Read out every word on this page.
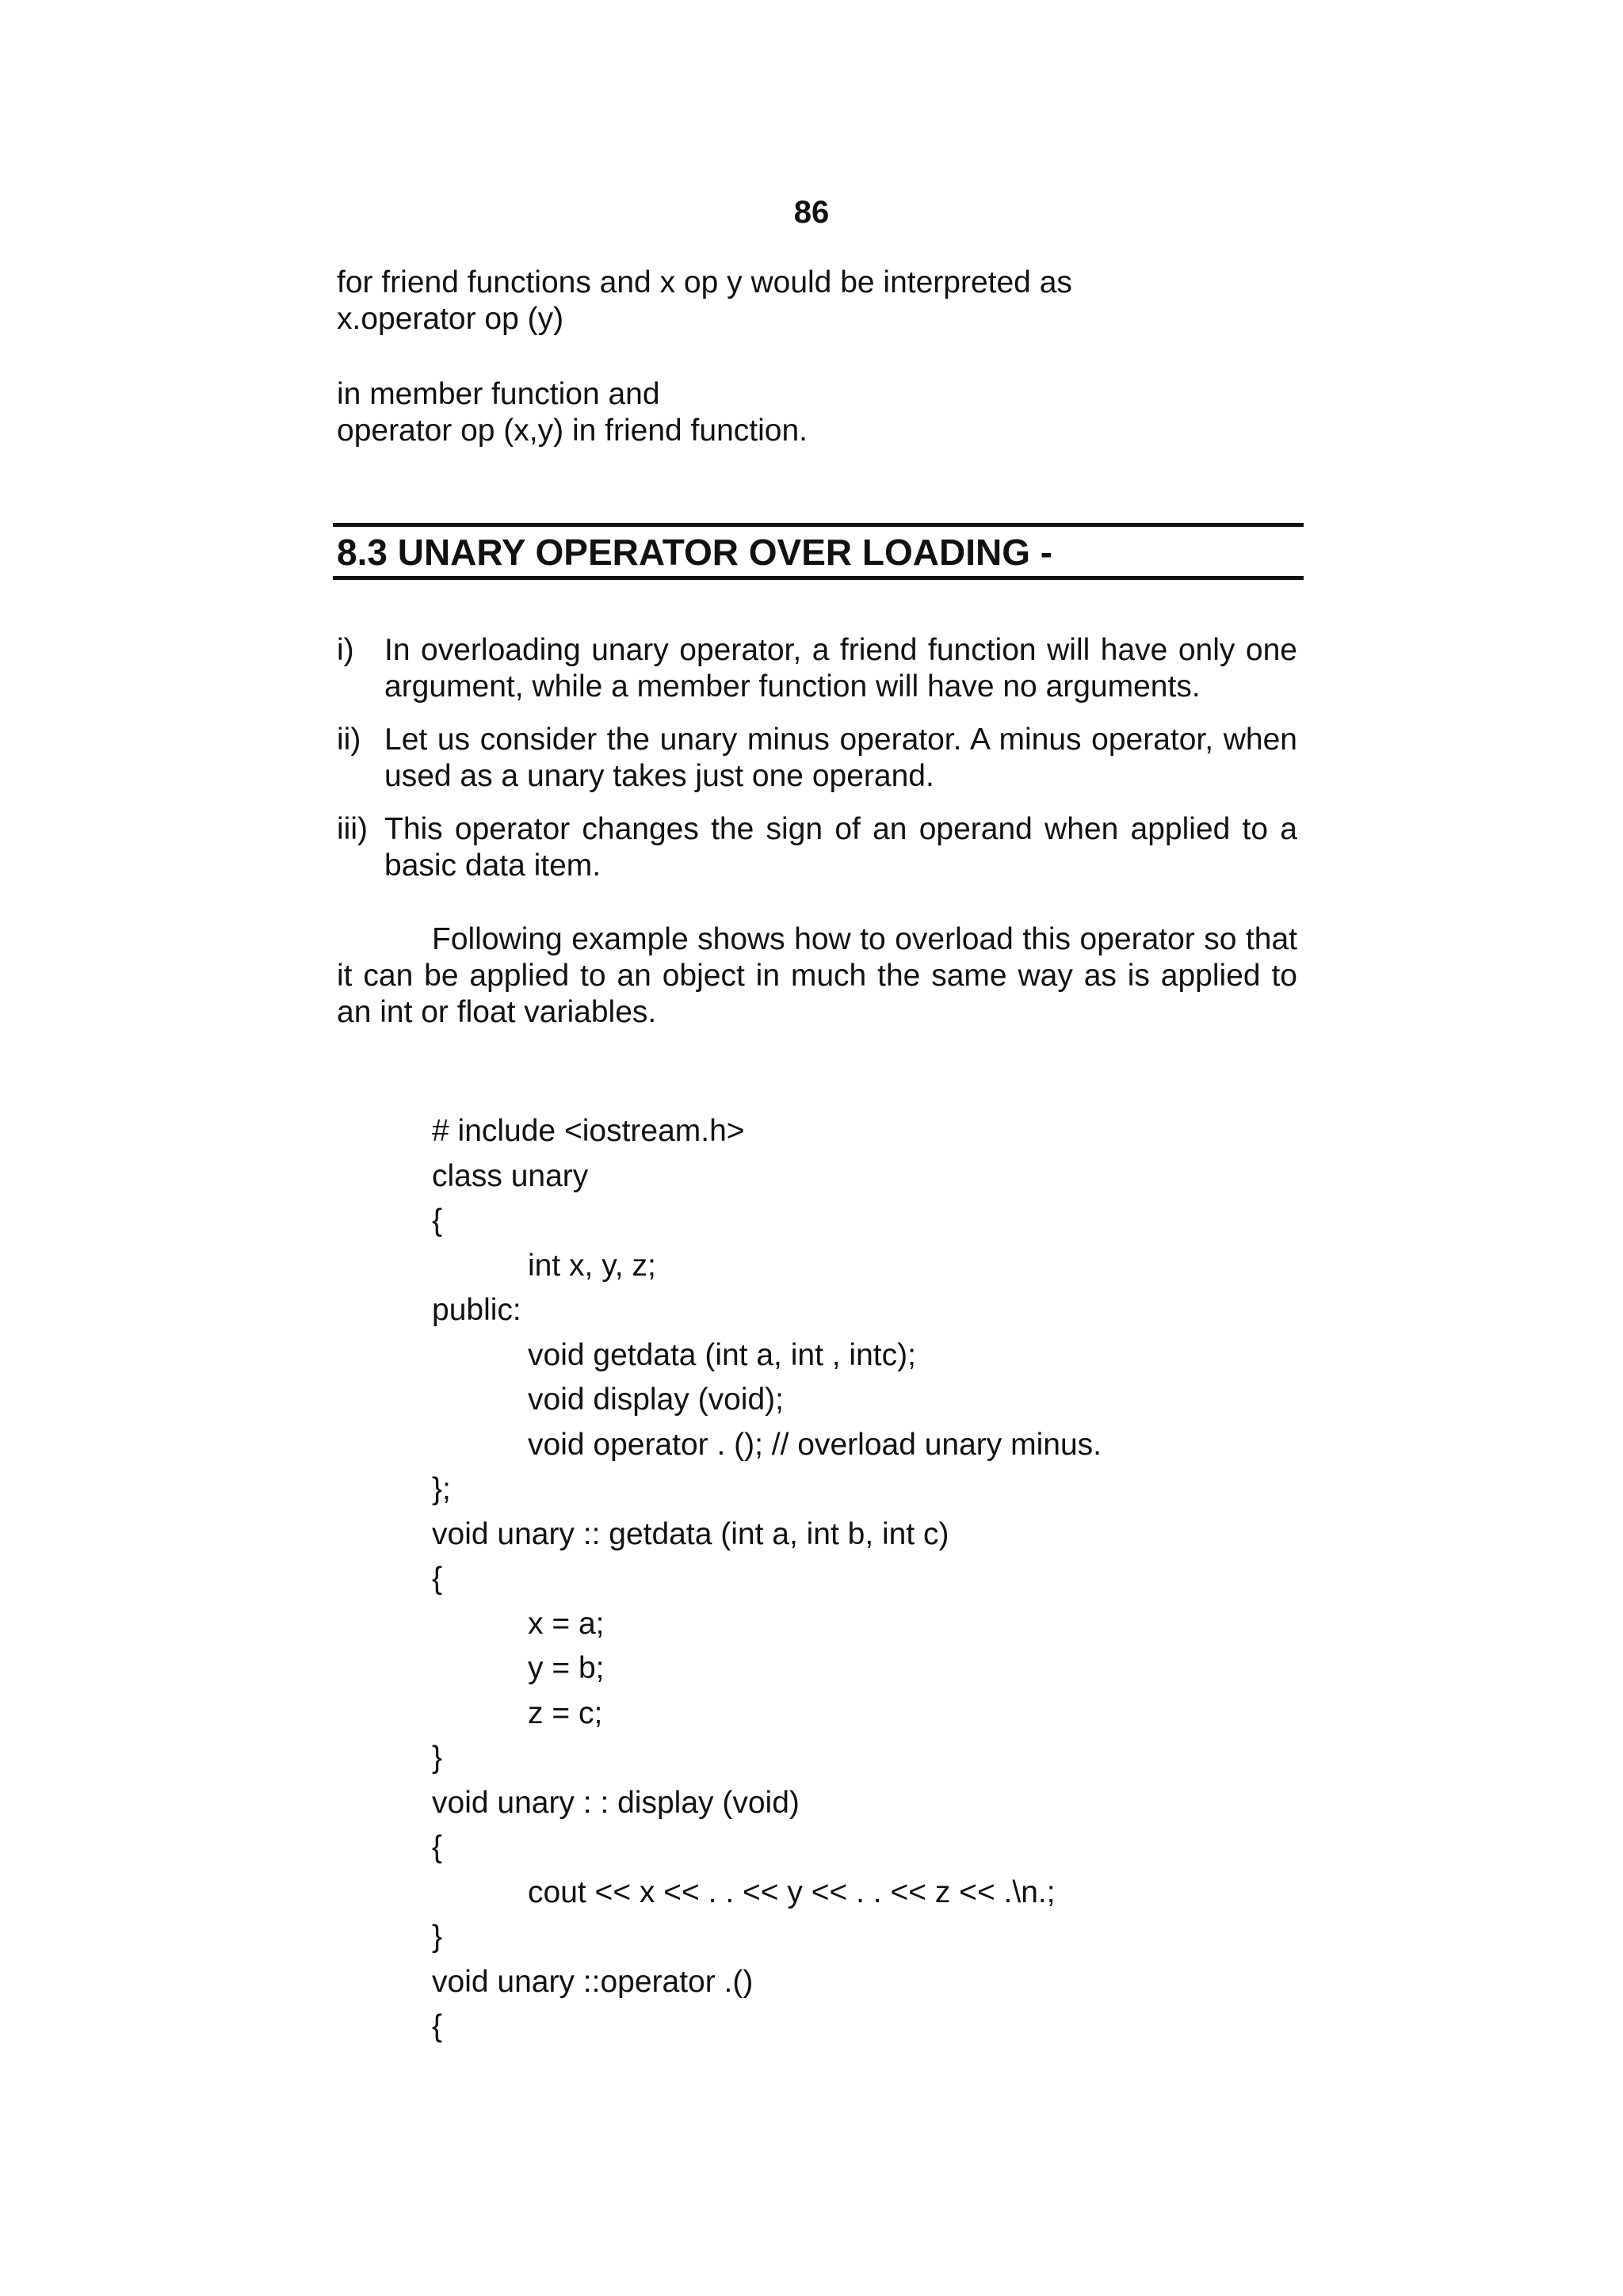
86

for friend functions and x op y would be interpreted as

x.operator op (y)

in member function and

operator op (x,y) in friend function.

8.3 UNARY OPERATOR OVER LOADING -
i) In overloading unary operator, a friend function will have only one argument, while a member function will have no arguments.
ii) Let us consider the unary minus operator. A minus operator, when used as a unary takes just one operand.
iii) This operator changes the sign of an operand when applied to a basic data item.
Following example shows how to overload this operator so that it can be applied to an object in much the same way as is applied to an int or float variables.
# include <iostream.h>
class unary
{
int x, y, z;
public:
void getdata (int a, int , intc);
void display (void);
void operator . (); // overload unary minus.
};
void unary :: getdata (int a, int b, int c)
{
x = a;
y = b;
z = c;
}
void unary : : display (void)
{
cout << x << . . << y << . . << z << .\n.;
}
void unary ::operator .()
{
